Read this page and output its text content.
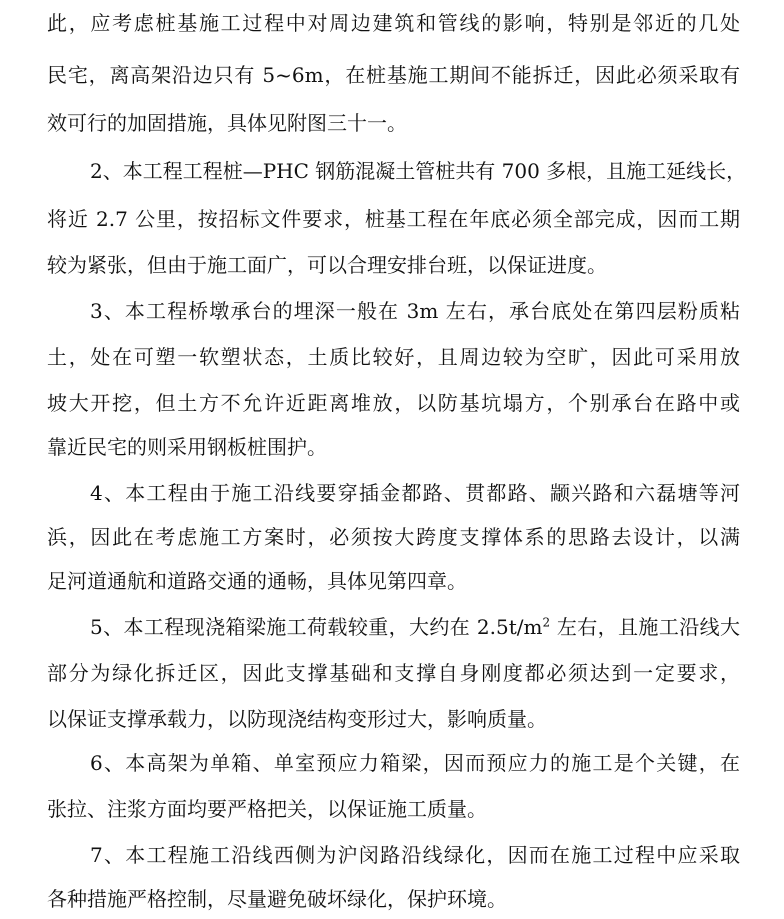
此，应考虑桩基施工过程中对周边建筑和管线的影响，特别是邻近的几处
民宅，离高架沿边只有 5~6m，在桩基施工期间不能拆迁，因此必须采取有
效可行的加固措施，具体见附图三十一。
2、本工程工程桩—PHC 钢筋混凝土管桩共有 700 多根，且施工延线长，
将近 2.7 公里，按招标文件要求，桩基工程在年底必须全部完成，因而工期
较为紧张，但由于施工面广，可以合理安排台班，以保证进度。
3、本工程桥墩承台的埋深一般在 3m 左右，承台底处在第四层粉质粘
土，处在可塑一软塑状态，土质比较好，且周边较为空旷，因此可采用放
坡大开挖，但土方不允许近距离堆放，以防基坑塌方，个别承台在路中或
靠近民宅的则采用钢板桩围护。
4、本工程由于施工沿线要穿插金都路、贯都路、颛兴路和六磊塘等河
浜，因此在考虑施工方案时，必须按大跨度支撑体系的思路去设计，以满
足河道通航和道路交通的通畅，具体见第四章。
5、本工程现浇箱梁施工荷载较重，大约在 $2.5t/m^2$ 左右，且施工沿线大
部分为绿化拆迁区，因此支撑基础和支撑自身刚度都必须达到一定要求，
以保证支撑承载力，以防现浇结构变形过大，影响质量。
6、本高架为单箱、单室预应力箱梁，因而预应力的施工是个关键，在
张拉、注浆方面均要严格把关，以保证施工质量。
7、本工程施工沿线西侧为沪闵路沿线绿化，因而在施工过程中应采取
各种措施严格控制，尽量避免破坏绿化，保护环境。
